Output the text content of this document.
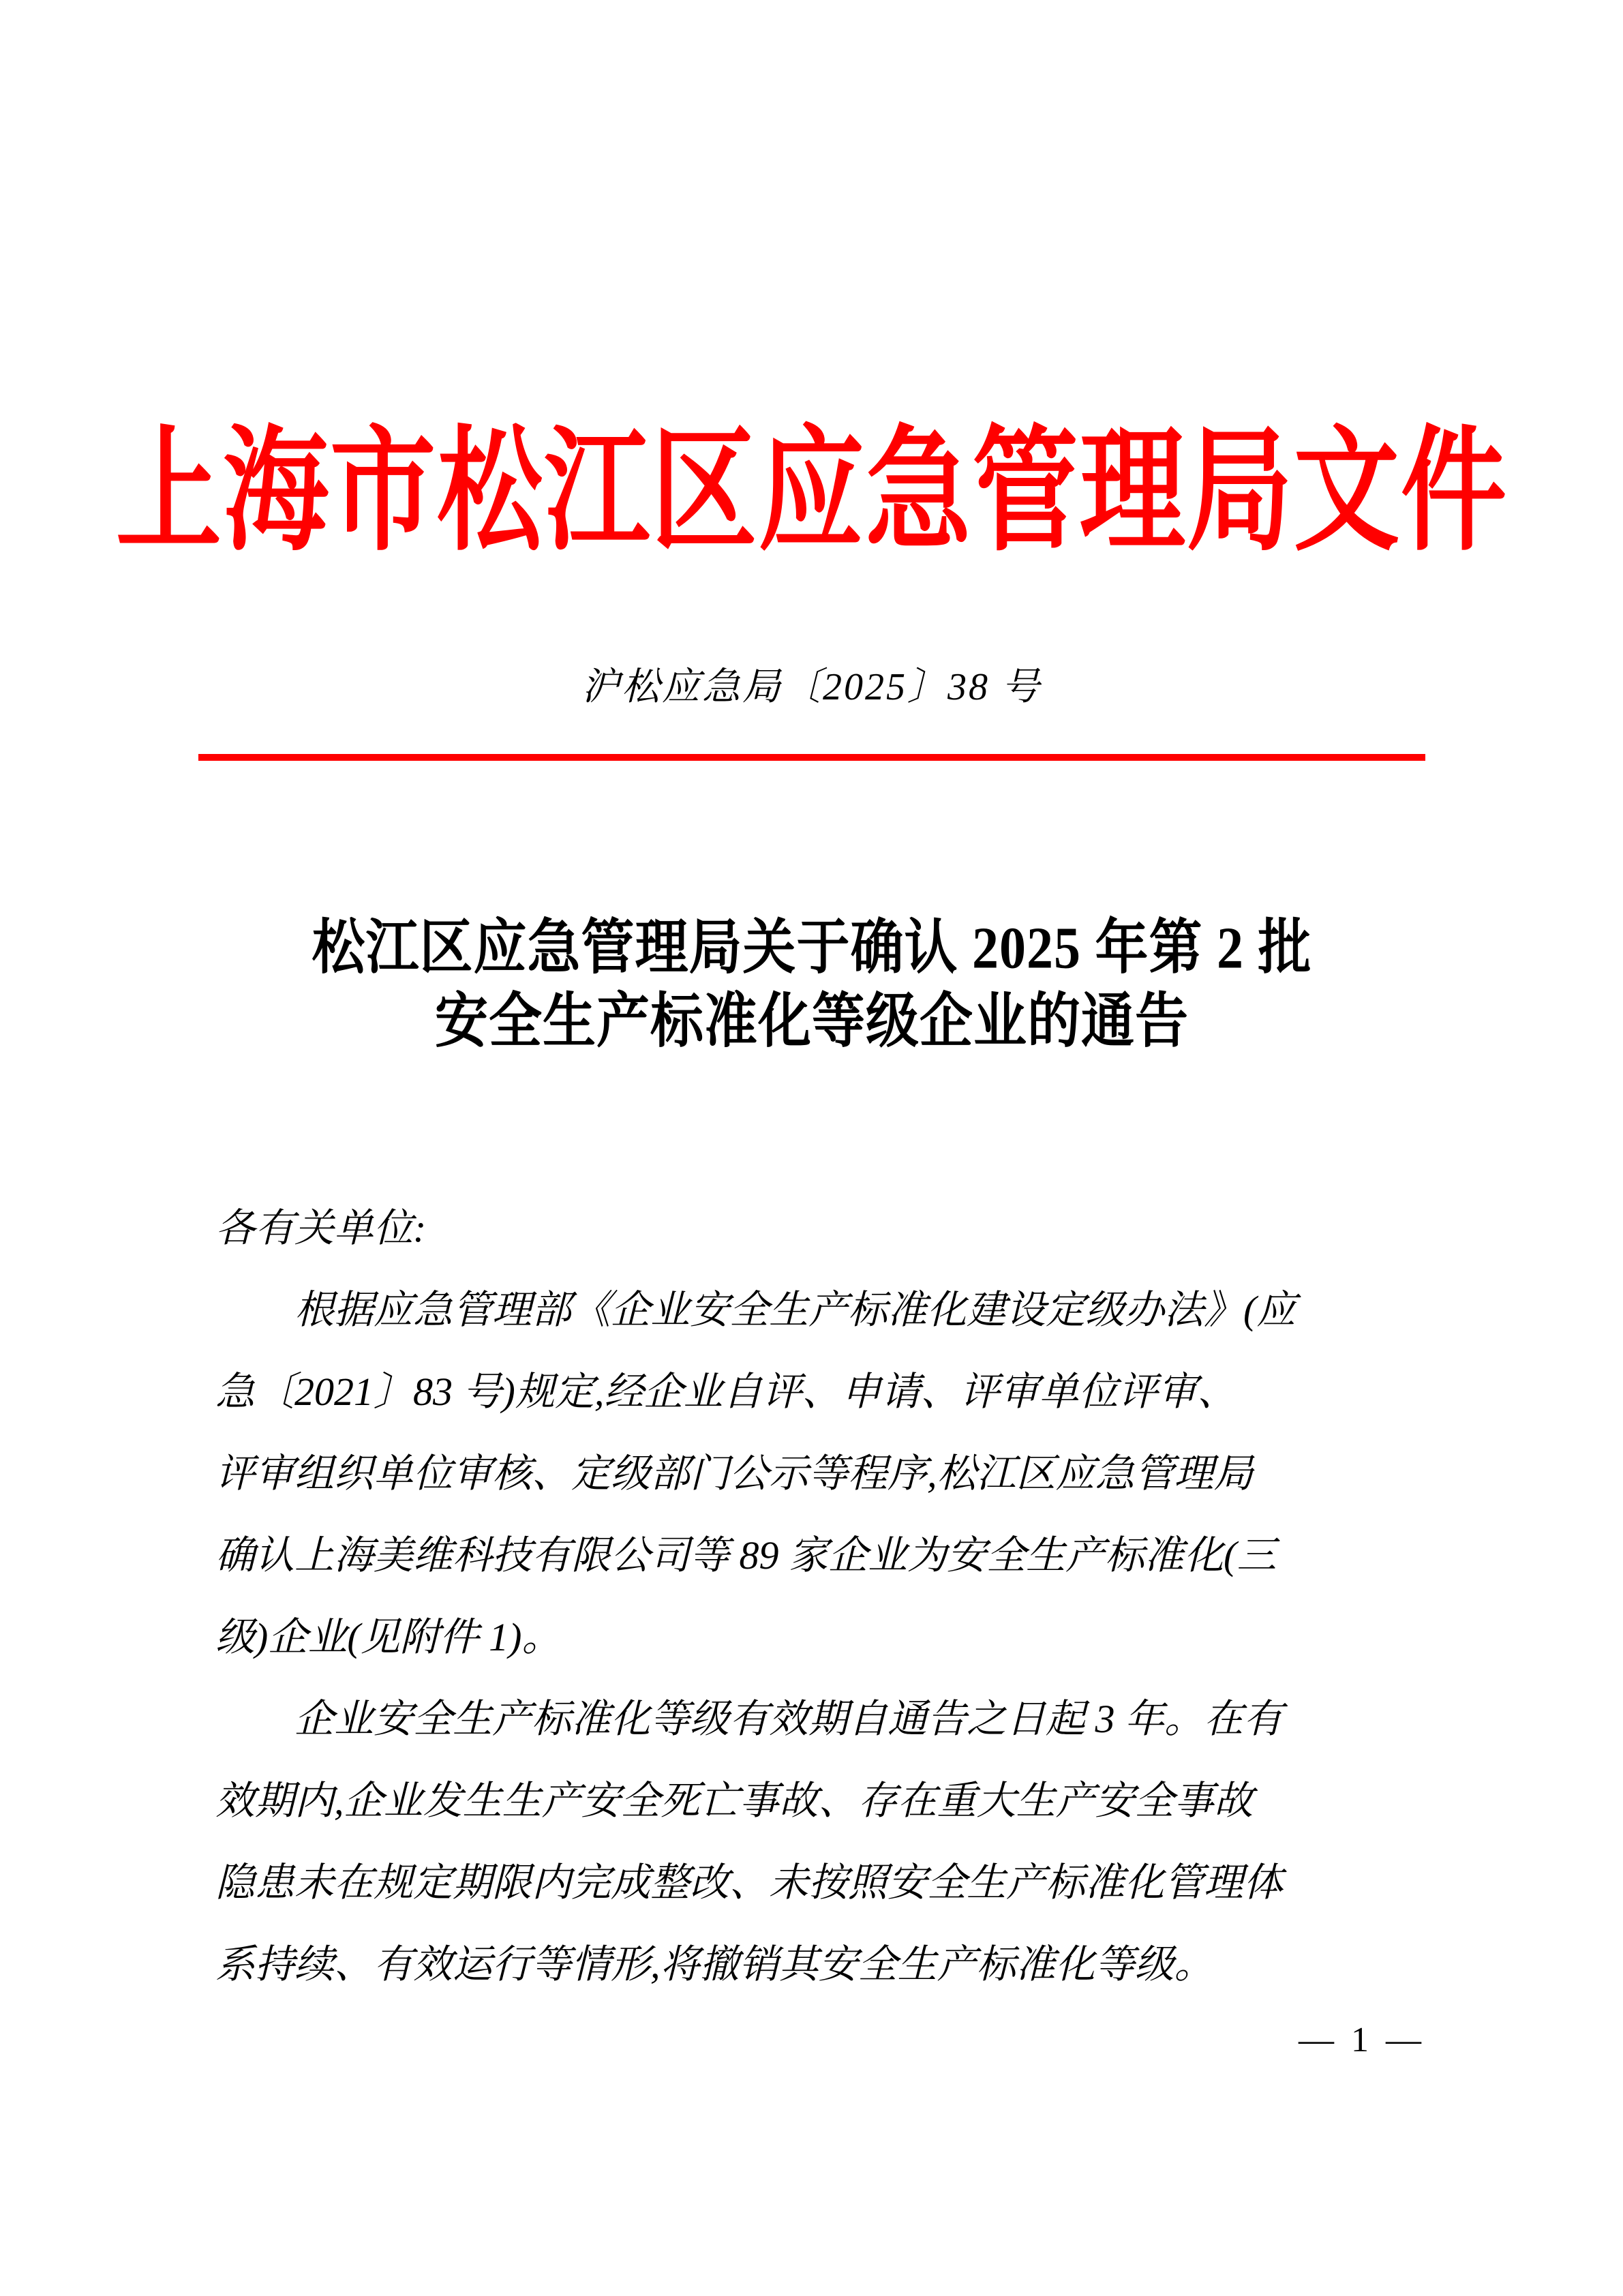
上海市松江区应急管理局文件
沪松应急局〔2025〕38 号
松江区应急管理局关于确认 2025 年第 2 批
安全生产标准化等级企业的通告
各有关单位:
根据应急管理部《企业安全生产标准化建设定级办法》(应
急〔2021〕83 号)规定,经企业自评、申请、评审单位评审、
评审组织单位审核、定级部门公示等程序,松江区应急管理局
确认上海美维科技有限公司等 89 家企业为安全生产标准化(三
级)企业(见附件 1)。
企业安全生产标准化等级有效期自通告之日起 3 年。在有
效期内,企业发生生产安全死亡事故、存在重大生产安全事故
隐患未在规定期限内完成整改、未按照安全生产标准化管理体
系持续、有效运行等情形,将撤销其安全生产标准化等级。
— 1 —
